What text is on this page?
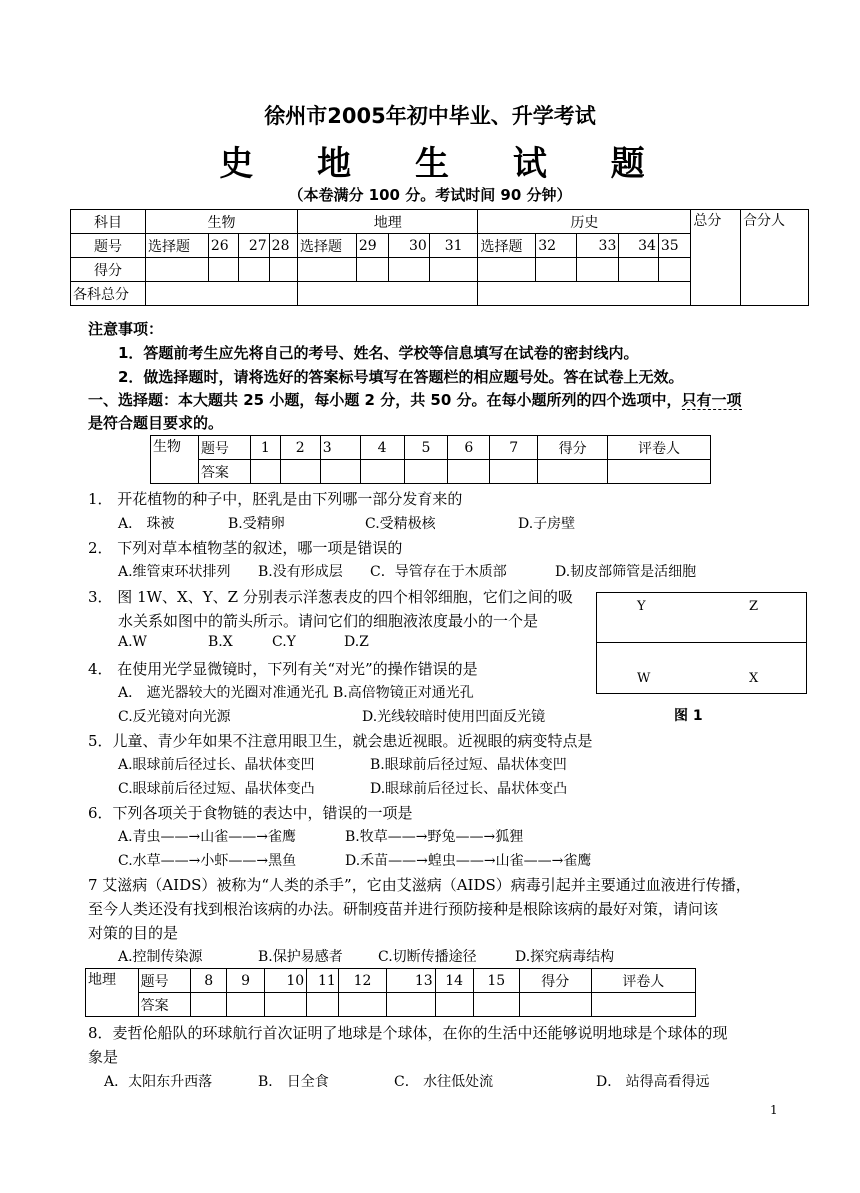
徐州市2005年初中毕业、升学考试
史 地 生 试 题
（本卷满分 100 分。考试时间 90 分钟）
科目	生物				地理				历史					总分	合分人
题号	选择题	26	27	28	选择题	29	30	31	选择题	32	33	34	35		
得分															
各科总分															
注意事项：
1．答题前考生应先将自己的考号、姓名、学校等信息填写在试卷的密封线内。
2．做选择题时，请将选好的答案标号填写在答题栏的相应题号处。答在试卷上无效。
一、选择题：本大题共 25 小题，每小题 2 分，共 50 分。在每小题所列的四个选项中，只有一项
是符合题目要求的。
生物	题号	1	2	3	4	5	6	7	得分	评卷人
	答案									
1． 开花植物的种子中，胚乳是由下列哪一部分发育来的
A． 珠被	B.受精卵	C.受精极核	D.子房壁
2． 下列对草本植物茎的叙述，哪一项是错误的
A.维管束环状排列 B.没有形成层 C．导管存在于木质部	D.韧皮部筛管是活细胞
3． 图 1W、X、Y、Z 分别表示洋葱表皮的四个相邻细胞，它们之间的吸
水关系如图中的箭头所示。请问它们的细胞液浓度最小的一个是
A.W	B.X	C.Y	D.Z
Y	Z
W	X
图 1
4． 在使用光学显微镜时，下列有关“对光”的操作错误的是
A． 遮光器较大的光圈对准通光孔 B.高倍物镜正对通光孔
C.反光镜对向光源	D.光线较暗时使用凹面反光镜
5．儿童、青少年如果不注意用眼卫生，就会患近视眼。近视眼的病变特点是
A.眼球前后径过长、晶状体变凹	B.眼球前后径过短、晶状体变凹
C.眼球前后径过短、晶状体变凸	D.眼球前后径过长、晶状体变凸
6．下列各项关于食物链的表达中，错误的一项是
A.青虫——→山雀——→雀鹰	B.牧草——→野兔——→狐狸
C.水草——→小虾——→黑鱼	D.禾苗——→蝗虫——→山雀——→雀鹰
7 艾滋病（AIDS）被称为“人类的杀手”，它由艾滋病（AIDS）病毒引起并主要通过血液进行传播，
至今人类还没有找到根治该病的办法。研制疫苗并进行预防接种是根除该病的最好对策，请问该
对策的目的是
A.控制传染源	B.保护易感者	C.切断传播途径	D.探究病毒结构
地理	题号	8	9	10	11	12	13	14	15	得分	评卷人
	答案										
8．麦哲伦船队的环球航行首次证明了地球是个球体，在你的生活中还能够说明地球是个球体的现
象是
A．太阳东升西落	B． 日全食	C． 水往低处流	D． 站得高看得远
1
